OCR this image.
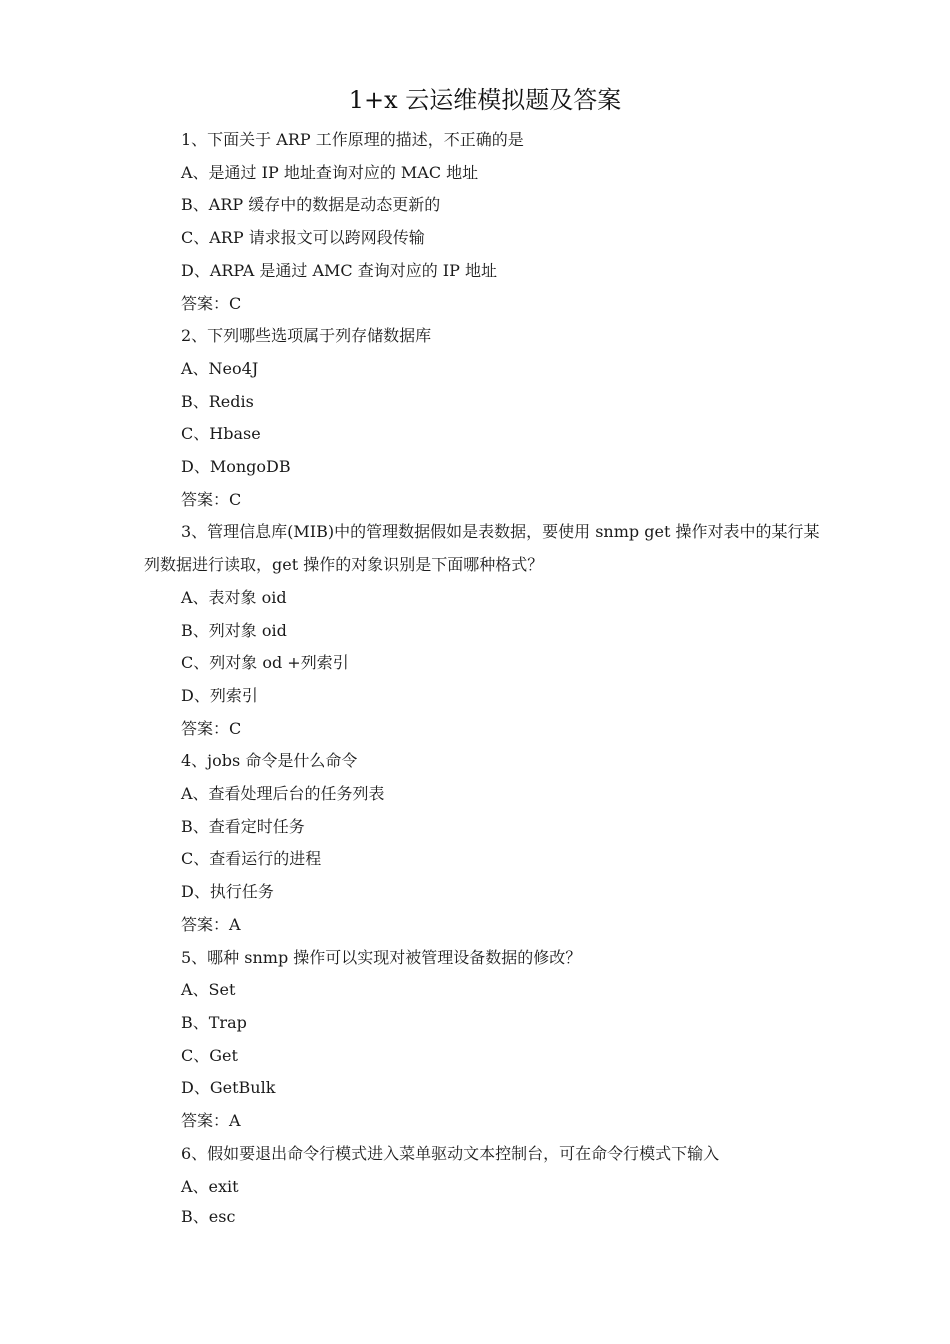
1+x 云运维模拟题及答案

1、下面关于 ARP 工作原理的描述，不正确的是

A、是通过 IP 地址查询对应的 MAC 地址

B、ARP 缓存中的数据是动态更新的

C、ARP 请求报文可以跨网段传输

D、ARPA 是通过 AMC 查询对应的 IP 地址

答案：C

2、下列哪些选项属于列存储数据库

A、Neo4J

B、Redis

C、Hbase

D、MongoDB

答案：C

3、管理信息库(MIB)中的管理数据假如是表数据，要使用 snmp get 操作对表中的某行某列数据进行读取，get 操作的对象识别是下面哪种格式？

A、表对象 oid

B、列对象 oid

C、列对象 od +列索引

D、列索引

答案：C

4、jobs 命令是什么命令

A、查看处理后台的任务列表

B、查看定时任务

C、查看运行的进程

D、执行任务

答案：A

5、哪种 snmp 操作可以实现对被管理设备数据的修改？

A、Set

B、Trap

C、Get

D、GetBulk

答案：A

6、假如要退出命令行模式进入菜单驱动文本控制台，可在命令行模式下输入

A、exit

B、esc
